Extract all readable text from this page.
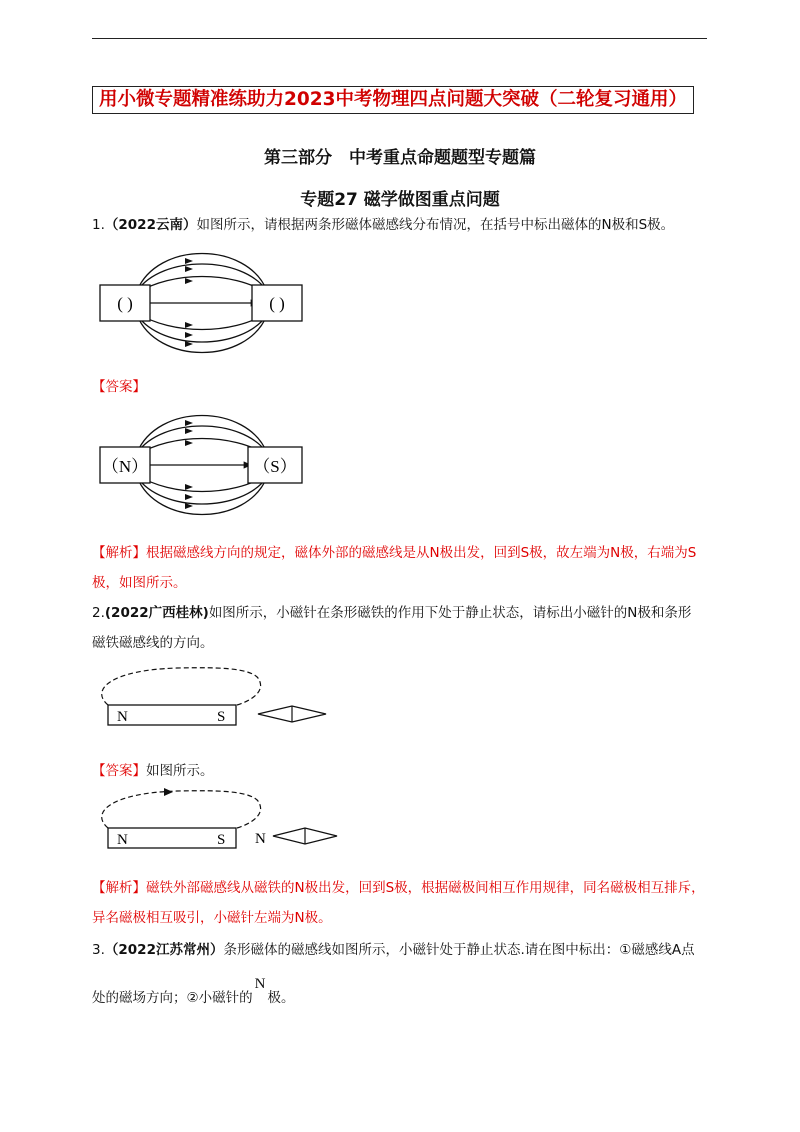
用小微专题精准练助力2023中考物理四点问题大突破（二轮复习通用）
第三部分　中考重点命题题型专题篇
专题27 磁学做图重点问题
1.（2022云南）如图所示，请根据两条形磁体磁感线分布情况，在括号中标出磁体的N极和S极。
( )	( )
【答案】
（N）	（S）
【解析】根据磁感线方向的规定，磁体外部的磁感线是从N极出发，回到S极，故左端为N极，右端为S
极，如图所示。
2.(2022广西桂林)如图所示，小磁针在条形磁铁的作用下处于静止状态，请标出小磁针的N极和条形
磁铁磁感线的方向。
N	S
【答案】如图所示。
N	S N
【解析】磁铁外部磁感线从磁铁的N极出发，回到S极，根据磁极间相互作用规律，同名磁极相互排斥，
异名磁极相互吸引，小磁针左端为N极。
3.（2022江苏常州）条形磁体的磁感线如图所示，小磁针处于静止状态.请在图中标出：①磁感线A点
处的磁场方向；②小磁针的N极。
